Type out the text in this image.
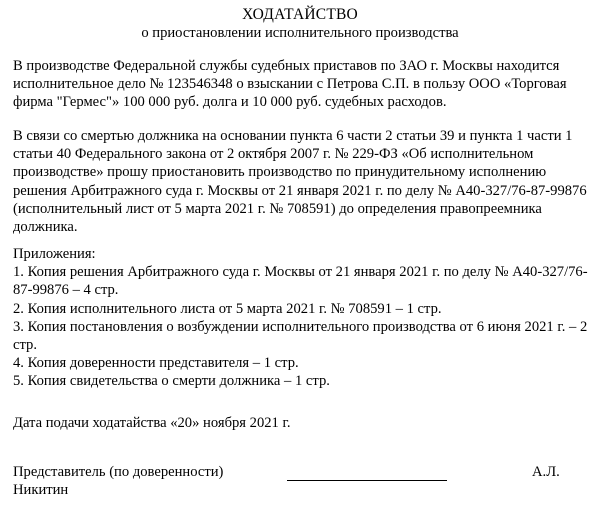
ХОДАТАЙСТВО
о приостановлении исполнительного производства
В производстве Федеральной службы судебных приставов по ЗАО г. Москвы находится
исполнительное дело № 123546348 о взыскании с Петрова С.П. в пользу ООО «Торговая
фирма "Гермес"» 100 000 руб. долга и 10 000 руб. судебных расходов.
В связи со смертью должника на основании пункта 6 части 2 статьи 39 и пункта 1 части 1
статьи 40 Федерального закона от 2 октября 2007 г. № 229-ФЗ «Об исполнительном
производстве» прошу приостановить производство по принудительному исполнению
решения Арбитражного суда г. Москвы от 21 января 2021 г. по делу № А40-327/76-87-99876
(исполнительный лист от 5 марта 2021 г. № 708591) до определения правопреемника
должника.
Приложения:
1. Копия решения Арбитражного суда г. Москвы от 21 января 2021 г. по делу № А40-327/76-
87-99876 – 4 стр.
2. Копия исполнительного листа от 5 марта 2021 г. № 708591 – 1 стр.
3. Копия постановления о возбуждении исполнительного производства от 6 июня 2021 г. – 2
стр.
4. Копия доверенности представителя – 1 стр.
5. Копия свидетельства о смерти должника – 1 стр.
Дата подачи ходатайства «20» ноября 2021 г.
Представитель (по доверенности)	А.Л.
Никитин
